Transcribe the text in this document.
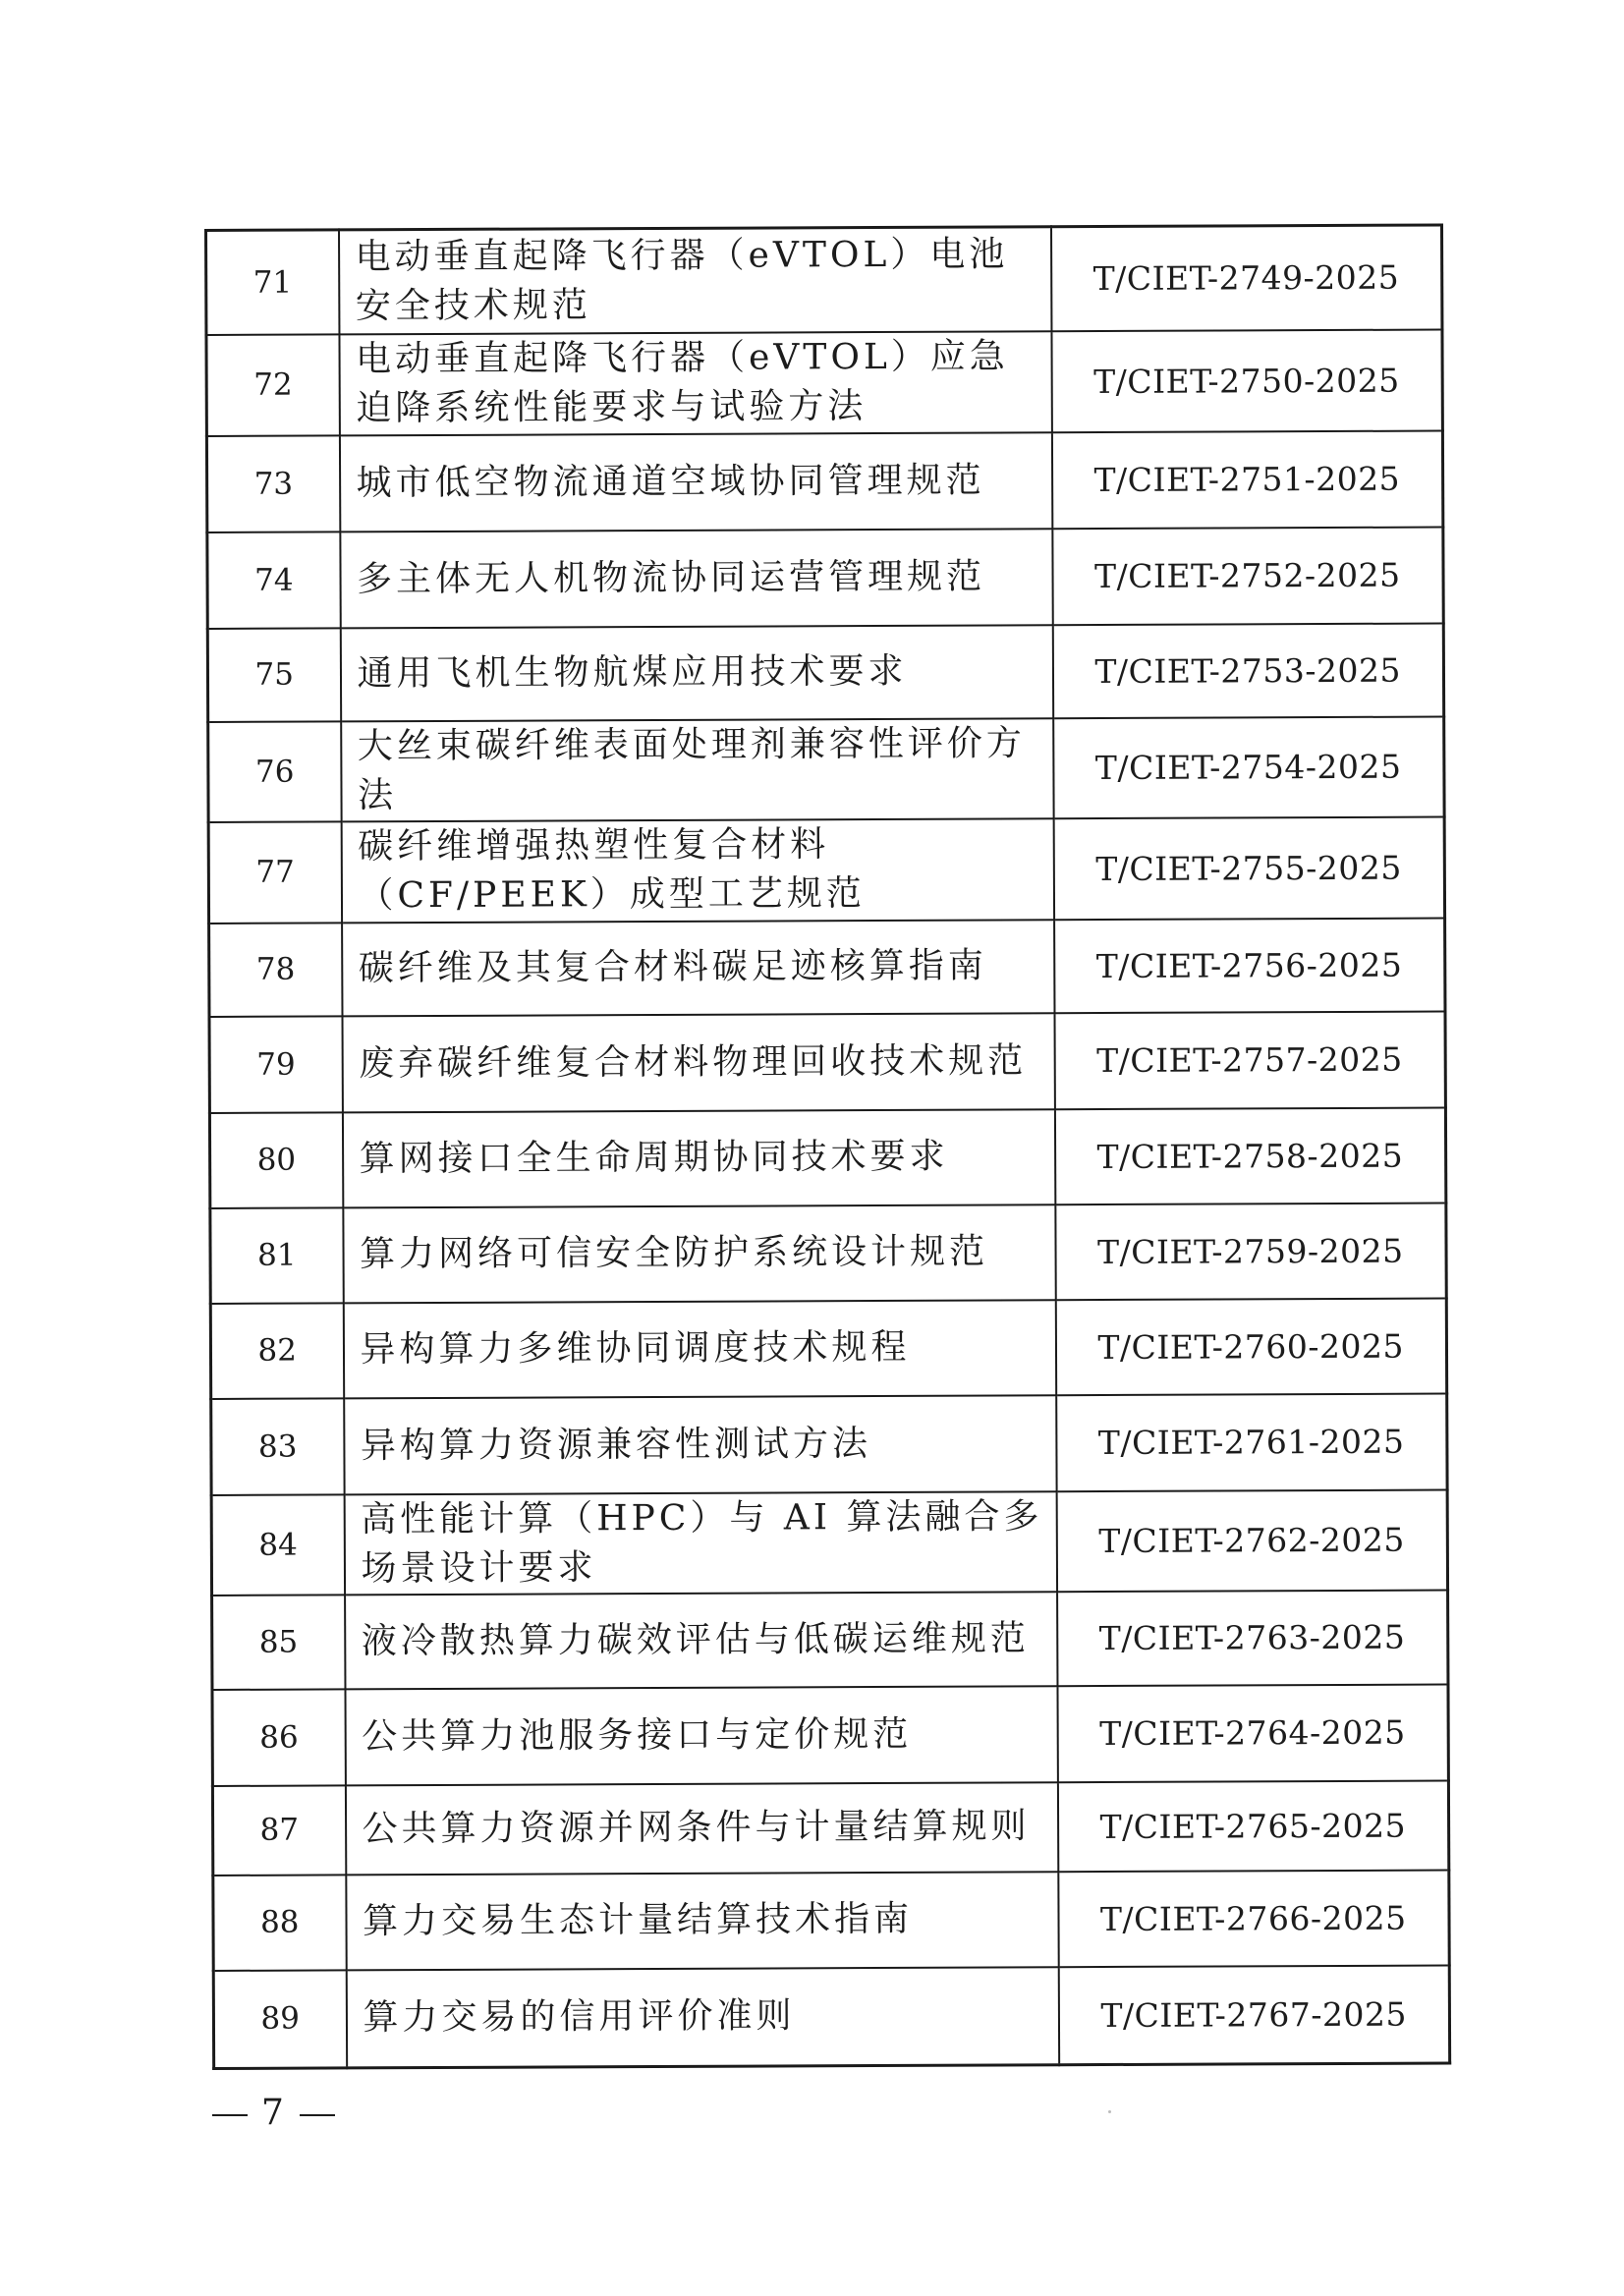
71	电动垂直起降飞行器（eVTOL）电池安全技术规范	T/CIET-2749-2025
72	电动垂直起降飞行器（eVTOL）应急迫降系统性能要求与试验方法	T/CIET-2750-2025
73	城市低空物流通道空域协同管理规范	T/CIET-2751-2025
74	多主体无人机物流协同运营管理规范	T/CIET-2752-2025
75	通用飞机生物航煤应用技术要求	T/CIET-2753-2025
76	大丝束碳纤维表面处理剂兼容性评价方法	T/CIET-2754-2025
77	碳纤维增强热塑性复合材料（CF/PEEK）成型工艺规范	T/CIET-2755-2025
78	碳纤维及其复合材料碳足迹核算指南	T/CIET-2756-2025
79	废弃碳纤维复合材料物理回收技术规范	T/CIET-2757-2025
80	算网接口全生命周期协同技术要求	T/CIET-2758-2025
81	算力网络可信安全防护系统设计规范	T/CIET-2759-2025
82	异构算力多维协同调度技术规程	T/CIET-2760-2025
83	异构算力资源兼容性测试方法	T/CIET-2761-2025
84	高性能计算（HPC）与 AI 算法融合多场景设计要求	T/CIET-2762-2025
85	液冷散热算力碳效评估与低碳运维规范	T/CIET-2763-2025
86	公共算力池服务接口与定价规范	T/CIET-2764-2025
87	公共算力资源并网条件与计量结算规则	T/CIET-2765-2025
88	算力交易生态计量结算技术指南	T/CIET-2766-2025
89	算力交易的信用评价准则	T/CIET-2767-2025
7
